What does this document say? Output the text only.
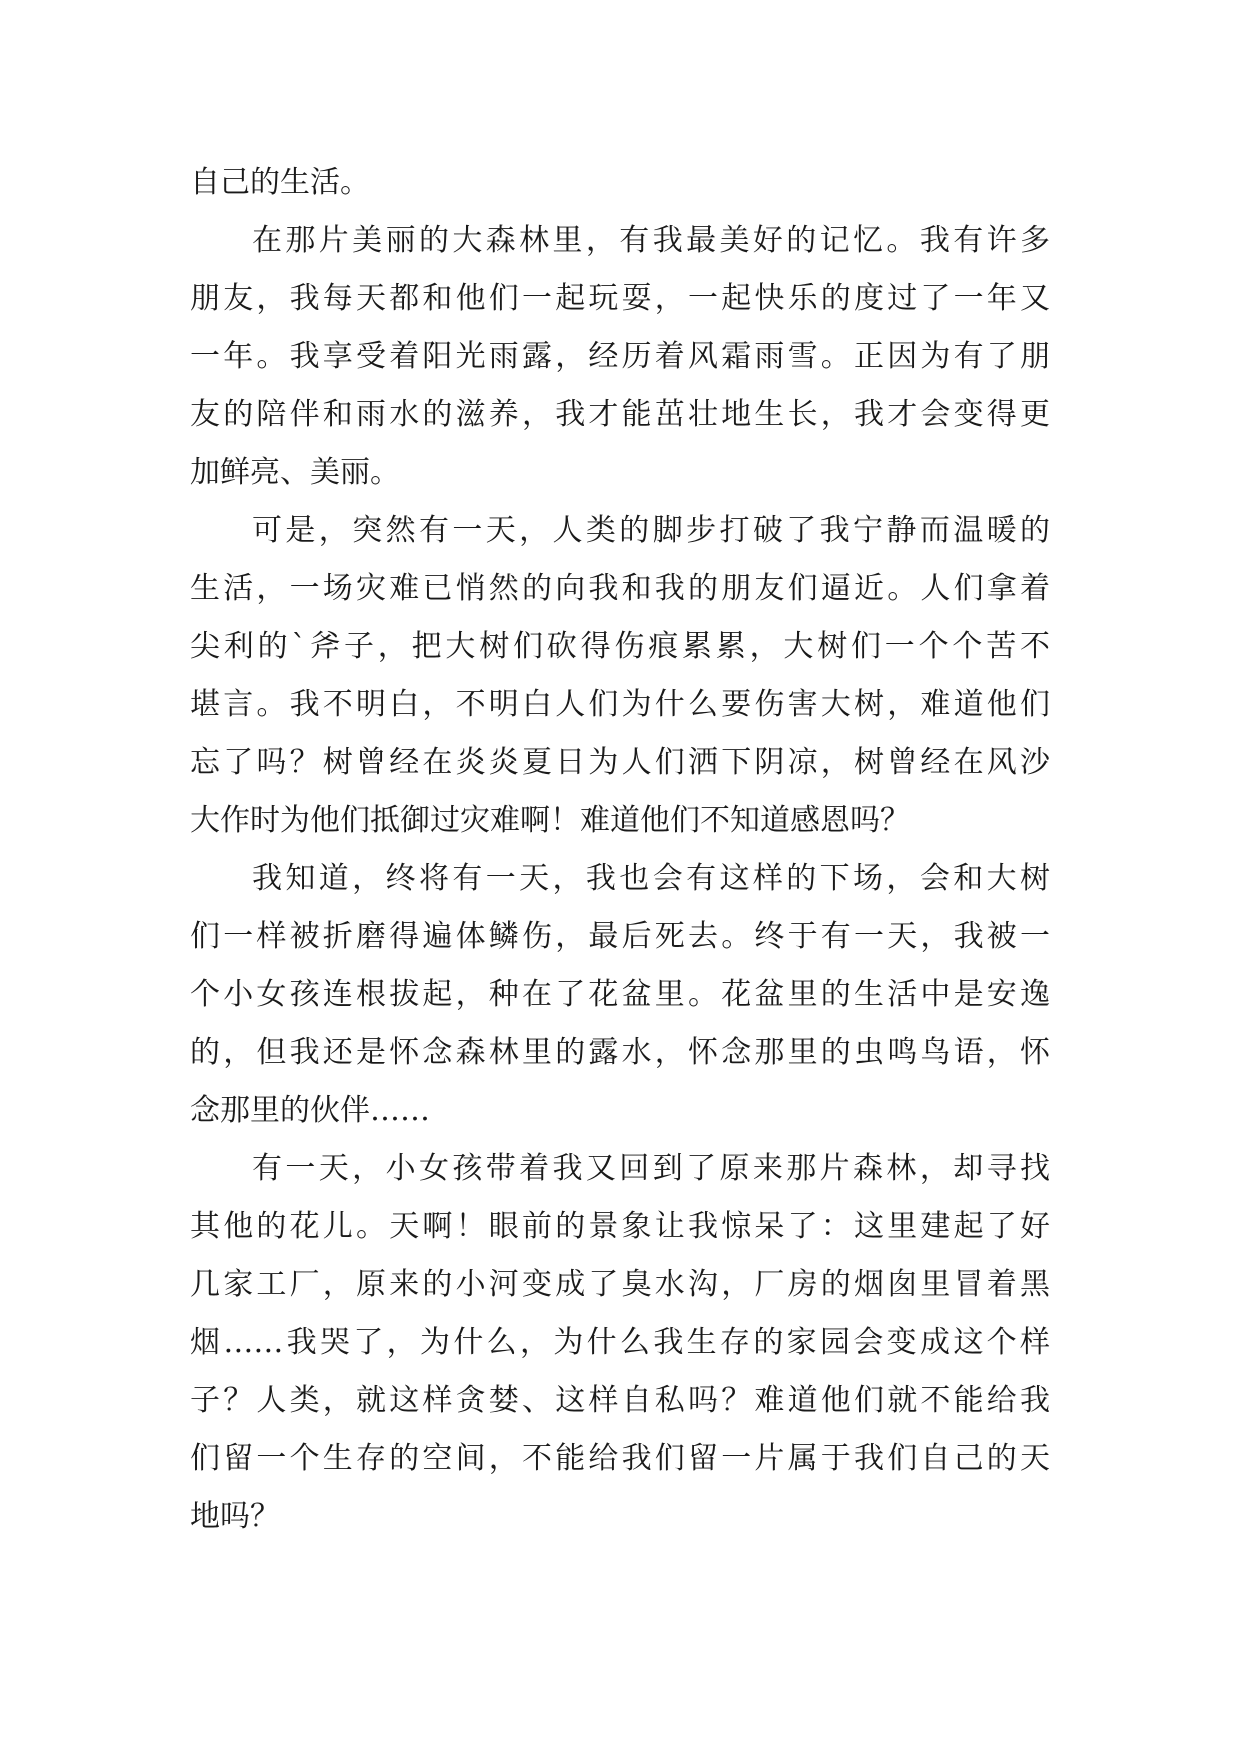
自己的生活。
在那片美丽的大森林里，有我最美好的记忆。我有许多
朋友，我每天都和他们一起玩耍，一起快乐的度过了一年又
一年。我享受着阳光雨露，经历着风霜雨雪。正因为有了朋
友的陪伴和雨水的滋养，我才能茁壮地生长，我才会变得更
加鲜亮、美丽。
可是，突然有一天，人类的脚步打破了我宁静而温暖的
生活，一场灾难已悄然的向我和我的朋友们逼近。人们拿着
尖利的`斧子，把大树们砍得伤痕累累，大树们一个个苦不
堪言。我不明白，不明白人们为什么要伤害大树，难道他们
忘了吗？树曾经在炎炎夏日为人们洒下阴凉，树曾经在风沙
大作时为他们抵御过灾难啊！难道他们不知道感恩吗？
我知道，终将有一天，我也会有这样的下场，会和大树
们一样被折磨得遍体鳞伤，最后死去。终于有一天，我被一
个小女孩连根拔起，种在了花盆里。花盆里的生活中是安逸
的，但我还是怀念森林里的露水，怀念那里的虫鸣鸟语，怀
念那里的伙伴……
有一天，小女孩带着我又回到了原来那片森林，却寻找
其他的花儿。天啊！眼前的景象让我惊呆了：这里建起了好
几家工厂，原来的小河变成了臭水沟，厂房的烟囱里冒着黑
烟……我哭了，为什么，为什么我生存的家园会变成这个样
子？人类，就这样贪婪、这样自私吗？难道他们就不能给我
们留一个生存的空间，不能给我们留一片属于我们自己的天
地吗？
